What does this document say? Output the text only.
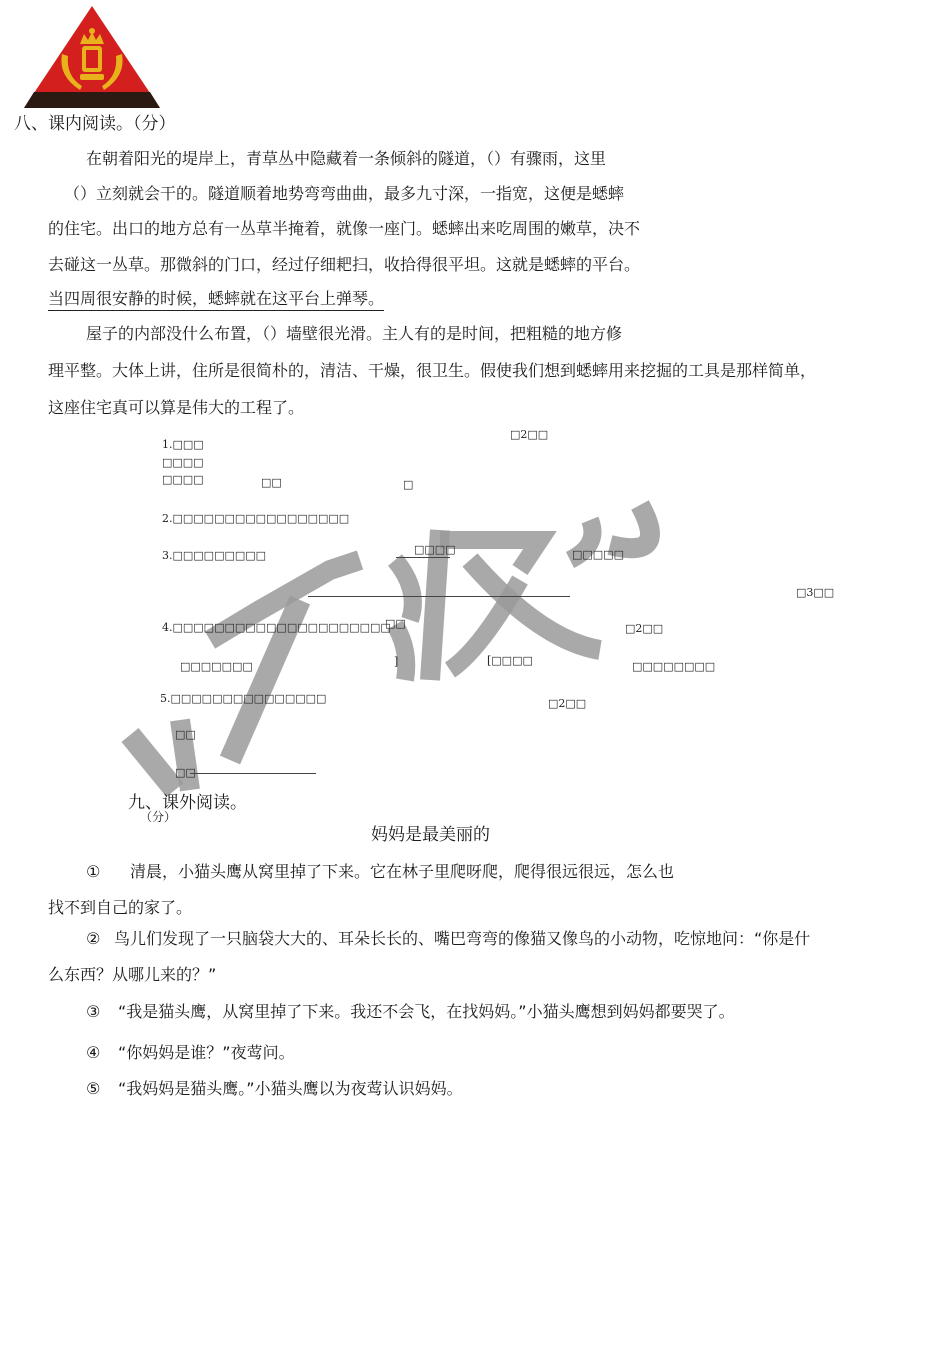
八、课内阅读。（分）
在朝着阳光的堤岸上，青草丛中隐藏着一条倾斜的隧道，（）有骤雨，这里
（）立刻就会干的。隧道顺着地势弯弯曲曲，最多九寸深，一指宽，这便是蟋蟀
的住宅。出口的地方总有一丛草半掩着，就像一座门。蟋蟀出来吃周围的嫩草，决不
去碰这一丛草。那微斜的门口，经过仔细耙扫，收拾得很平坦。这就是蟋蟀的平台。
当四周很安静的时候，蟋蟀就在这平台上弹琴。
屋子的内部没什么布置，（）墙壁很光滑。主人有的是时间，把粗糙的地方修
理平整。大体上讲，住所是很简朴的，清洁、干燥，很卫生。假使我们想到蟋蟀用来挖掘的工具是那样简单，
这座住宅真可以算是伟大的工程了。
1.□□□
□2□□
□□□□
□□□□	□□	□
2.□□□□□□□□□□□□□□□□□
3.□□□□□□□□□	□□□□	□□□□□
□3□□
4.□□□□□□□□□□□□□□□□□□□□□
□□	□2□□
□□□□□□□	]	[□□□□	□□□□□□□□
5.□□□□□□□□□□□□□□□	□2□□
□□
□□
九、课外阅读。
（分）
妈妈是最美丽的
① 清晨，小猫头鹰从窝里掉了下来。它在林子里爬呀爬，爬得很远很远，怎么也
找不到自己的家了。
② 鸟儿们发现了一只脑袋大大的、耳朵长长的、嘴巴弯弯的像猫又像鸟的小动物，吃惊地问：“你是什
么东西？从哪儿来的？”
③ “我是猫头鹰，从窝里掉了下来。我还不会飞，在找妈妈。”小猫头鹰想到妈妈都要哭了。
④ “你妈妈是谁？”夜莺问。
⑤ “我妈妈是猫头鹰。”小猫头鹰以为夜莺认识妈妈。
